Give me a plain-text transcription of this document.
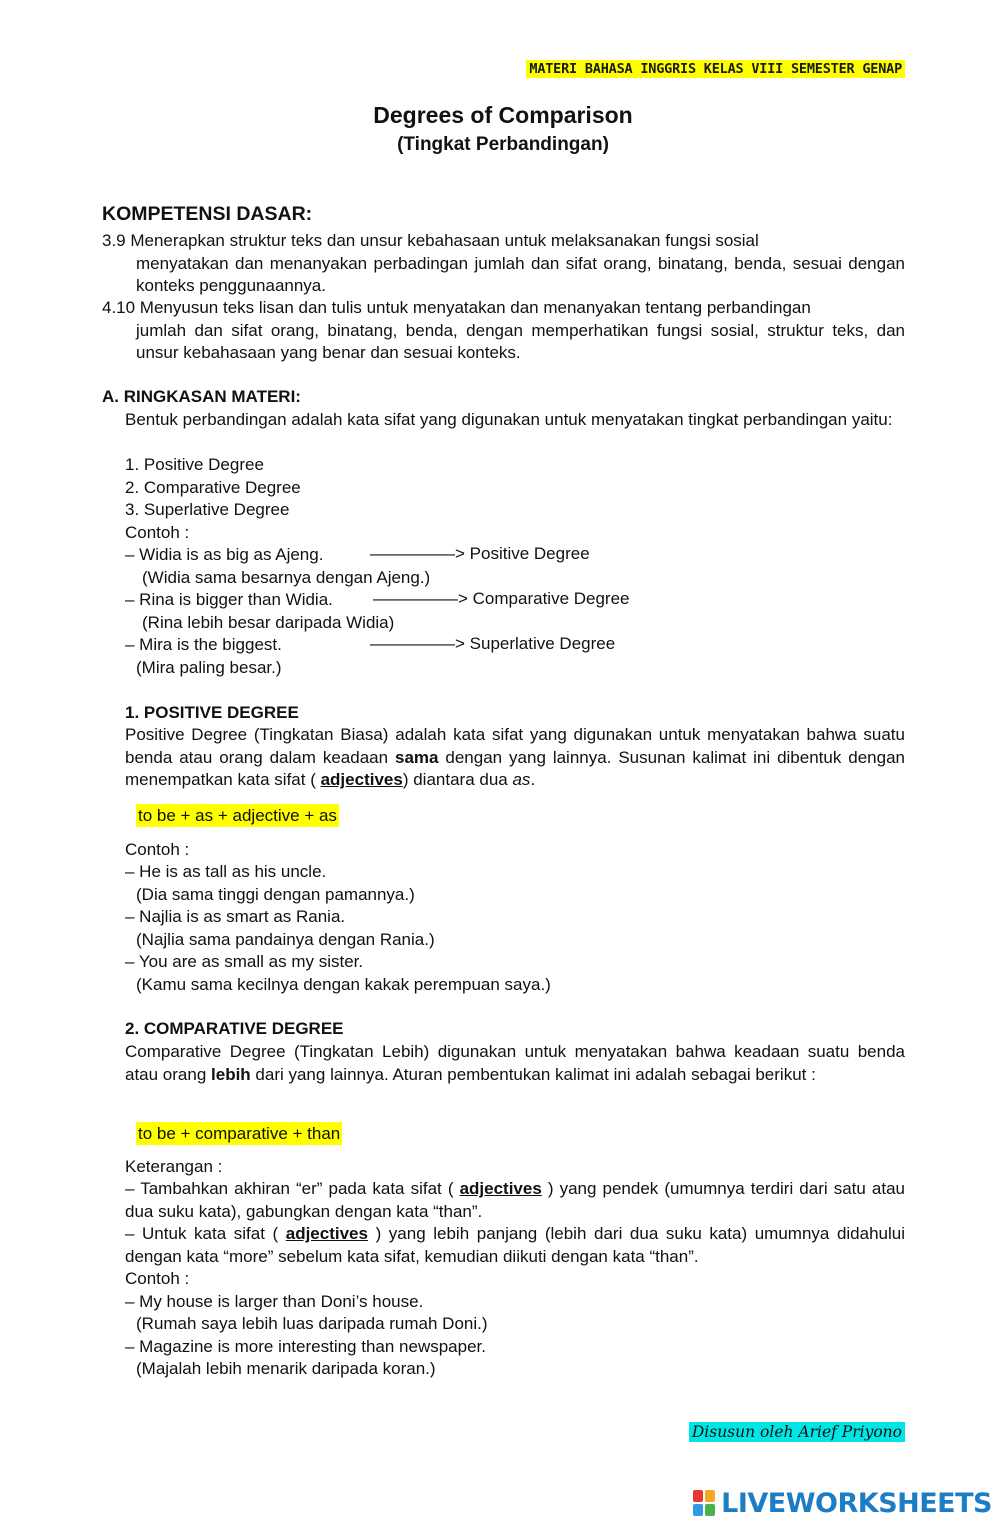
MATERI BAHASA INGGRIS KELAS VIII SEMESTER GENAP
Degrees of Comparison
(Tingkat Perbandingan)
KOMPETENSI DASAR:
3.9 Menerapkan struktur teks dan unsur kebahasaan untuk melaksanakan fungsi sosial
menyatakan dan menanyakan perbadingan jumlah dan sifat orang, binatang, benda, sesuai dengan konteks penggunaannya.
4.10 Menyusun teks lisan dan tulis untuk menyatakan dan menanyakan tentang perbandingan
jumlah dan sifat orang, binatang, benda, dengan memperhatikan fungsi sosial, struktur teks, dan unsur kebahasaan yang benar dan sesuai konteks.
A. RINGKASAN MATERI:
Bentuk perbandingan adalah kata sifat yang digunakan untuk menyatakan tingkat perbandingan yaitu:
1. Positive Degree
2. Comparative Degree
3. Superlative Degree
Contoh :
– Widia is as big as Ajeng.	—————> Positive Degree
(Widia sama besarnya dengan Ajeng.)
– Rina is bigger than Widia. —————> Comparative Degree
(Rina lebih besar daripada Widia)
– Mira is the biggest.	—————> Superlative Degree
(Mira paling besar.)
1. POSITIVE DEGREE
Positive Degree (Tingkatan Biasa) adalah kata sifat yang digunakan untuk menyatakan bahwa suatu benda atau orang dalam keadaan sama dengan yang lainnya. Susunan kalimat ini dibentuk dengan menempatkan kata sifat ( adjectives) diantara dua as.
to be + as + adjective + as
Contoh :
– He is as tall as his uncle.
(Dia sama tinggi dengan pamannya.)
– Najlia is as smart as Rania.
(Najlia sama pandainya dengan Rania.)
– You are as small as my sister.
(Kamu sama kecilnya dengan kakak perempuan saya.)
2. COMPARATIVE DEGREE
Comparative Degree (Tingkatan Lebih) digunakan untuk menyatakan bahwa keadaan suatu benda atau orang lebih dari yang lainnya. Aturan pembentukan kalimat ini adalah sebagai berikut :
to be + comparative + than
Keterangan :
– Tambahkan akhiran “er” pada kata sifat ( adjectives ) yang pendek (umumnya terdiri dari satu atau dua suku kata), gabungkan dengan kata “than”.
– Untuk kata sifat ( adjectives ) yang lebih panjang (lebih dari dua suku kata) umumnya didahului dengan kata “more” sebelum kata sifat, kemudian diikuti dengan kata “than”.
Contoh :
– My house is larger than Doni’s house.
(Rumah saya lebih luas daripada rumah Doni.)
– Magazine is more interesting than newspaper.
(Majalah lebih menarik daripada koran.)
Disusun oleh Arief Priyono
LIVEWORKSHEETS
